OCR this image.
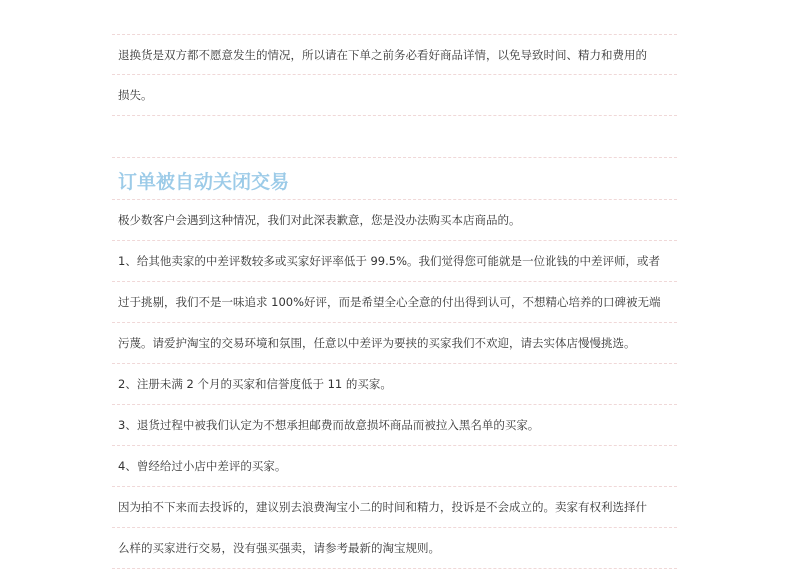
退换货是双方都不愿意发生的情况，所以请在下单之前务必看好商品详情，以免导致时间、精力和费用的
损失。
订单被自动关闭交易
极少数客户会遇到这种情况，我们对此深表歉意，您是没办法购买本店商品的。
1、给其他卖家的中差评数较多或买家好评率低于 99.5%。我们觉得您可能就是一位讹钱的中差评师，或者
过于挑剔，我们不是一味追求 100%好评，而是希望全心全意的付出得到认可，不想精心培养的口碑被无端
污蔑。请爱护淘宝的交易环境和氛围，任意以中差评为要挟的买家我们不欢迎，请去实体店慢慢挑选。
2、注册未满 2 个月的买家和信誉度低于 11 的买家。
3、退货过程中被我们认定为不想承担邮费而故意损坏商品而被拉入黑名单的买家。
4、曾经给过小店中差评的买家。
因为拍不下来而去投诉的，建议别去浪费淘宝小二的时间和精力，投诉是不会成立的。卖家有权利选择什
么样的买家进行交易，没有强买强卖，请参考最新的淘宝规则。
